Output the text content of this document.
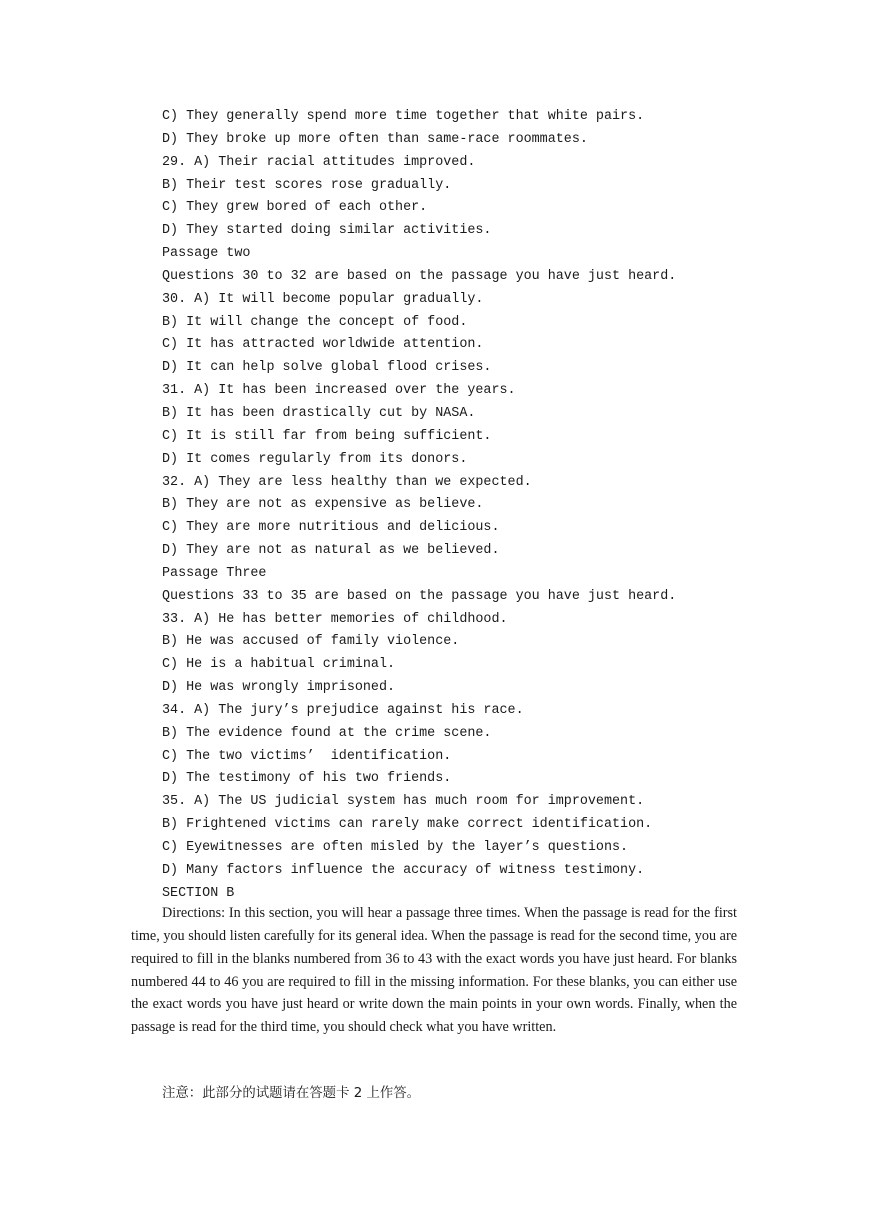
C) They generally spend more time together that white pairs.
D) They broke up more often than same-race roommates.
29. A) Their racial attitudes improved.
B) Their test scores rose gradually.
C) They grew bored of each other.
D) They started doing similar activities.
Passage two
Questions 30 to 32 are based on the passage you have just heard.
30. A) It will become popular gradually.
B) It will change the concept of food.
C) It has attracted worldwide attention.
D) It can help solve global flood crises.
31. A) It has been increased over the years.
B) It has been drastically cut by NASA.
C) It is still far from being sufficient.
D) It comes regularly from its donors.
32. A) They are less healthy than we expected.
B) They are not as expensive as believe.
C) They are more nutritious and delicious.
D) They are not as natural as we believed.
Passage Three
Questions 33 to 35 are based on the passage you have just heard.
33. A) He has better memories of childhood.
B) He was accused of family violence.
C) He is a habitual criminal.
D) He was wrongly imprisoned.
34. A) The jury’s prejudice against his race.
B) The evidence found at the crime scene.
C) The two victims’  identification.
D) The testimony of his two friends.
35. A) The US judicial system has much room for improvement.
B) Frightened victims can rarely make correct identification.
C) Eyewitnesses are often misled by the layer’s questions.
D) Many factors influence the accuracy of witness testimony.
SECTION B
Directions: In this section, you will hear a passage three times. When the passage is read for the first time, you should listen carefully for its general idea. When the passage is read for the second time, you are required to fill in the blanks numbered from 36 to 43 with the exact words you have just heard. For blanks numbered 44 to 46 you are required to fill in the missing information. For these blanks, you can either use the exact words you have just heard or write down the main points in your own words. Finally, when the passage is read for the third time, you should check what you have written.
注意：此部分的试题请在答题卡 2 上作答。
